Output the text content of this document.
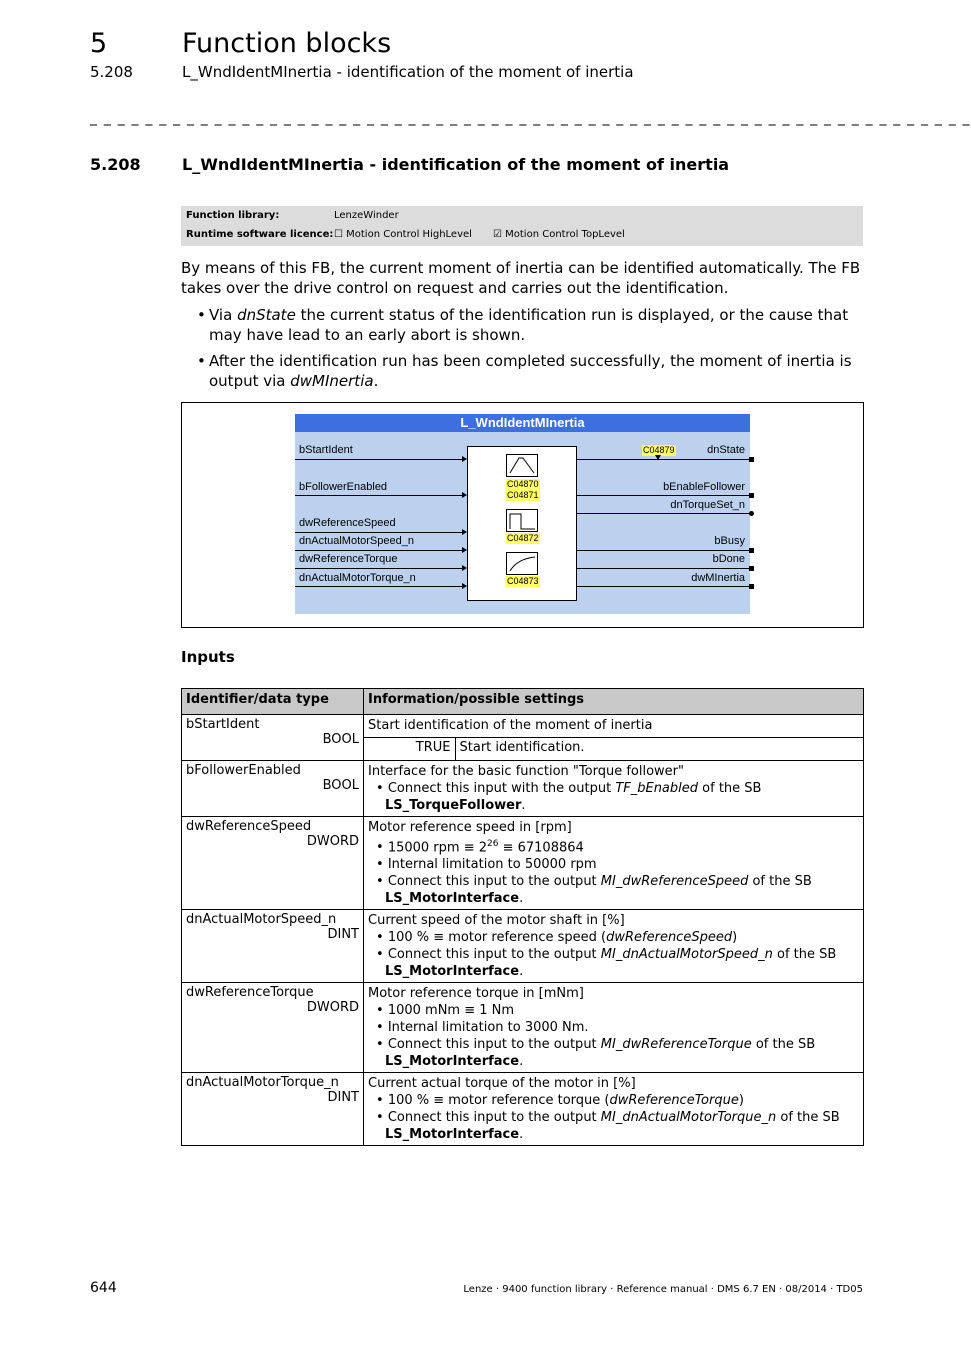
5	Function blocks
5.208	L_WndIdentMInertia - identification of the moment of inertia
_ _ _ _ _ _ _ _ _ _ _ _ _ _ _ _ _ _ _ _ _ _ _ _ _ _ _ _ _ _ _ _ _ _ _ _ _ _ _ _ _ _ _ _ _ _ _ _ _ _ _ _ _ _ _ _ _ _ _ _ _ _ _ _
5.208	L_WndIdentMInertia - identification of the moment of inertia
Function library:	LenzeWinder
Runtime software licence: ☐ Motion Control HighLevel ☑ Motion Control TopLevel
By means of this FB, the current moment of inertia can be identified automatically. The FB takes over the drive control on request and carries out the identification.
• Via dnState the current status of the identification run is displayed, or the cause that may have lead to an early abort is shown.
• After the identification run has been completed successfully, the moment of inertia is output via dwMInertia.
L_WndIdentMInertia
bStartIdent
bFollowerEnabled
dwReferenceSpeed
dnActualMotorSpeed_n
dwReferenceTorque
dnActualMotorTorque_n
dnState
bEnableFollower
dnTorqueSet_n
bBusy
bDone
dwMInertia
C04879
C04870
C04871
C04872
C04873
Inputs
Identifier/data type	Information/possible settings

bStartIdent
BOOL
	Start identification of the moment of inertia

TRUE	Start identification.

bFollowerEnabled
BOOL

Interface for the basic function "Torque follower"
• Connect this input with the output TF_bEnabled of the SB LS_TorqueFollower.

dwReferenceSpeed
DWORD

Motor reference speed in [rpm]
• 15000 rpm ≡ $2^{26} \equiv 67108864$
• Internal limitation to 50000 rpm
• Connect this input to the output MI_dwReferenceSpeed of the SB LS_MotorInterface.

dnActualMotorSpeed_n
DINT

Current speed of the motor shaft in [%]
• 100 % ≡ motor reference speed (dwReferenceSpeed)
• Connect this input to the output MI_dnActualMotorSpeed_n of the SB LS_MotorInterface.

dwReferenceTorque
DWORD

Motor reference torque in [mNm]
• 1000 mNm ≡ 1 Nm
• Internal limitation to 3000 Nm.
• Connect this input to the output MI_dwReferenceTorque of the SB LS_MotorInterface.

dnActualMotorTorque_n
DINT

Current actual torque of the motor in [%]
• 100 % ≡ motor reference torque (dwReferenceTorque)
• Connect this input to the output MI_dnActualMotorTorque_n of the SB LS_MotorInterface.
644	Lenze · 9400 function library · Reference manual · DMS 6.7 EN · 08/2014 · TD05
